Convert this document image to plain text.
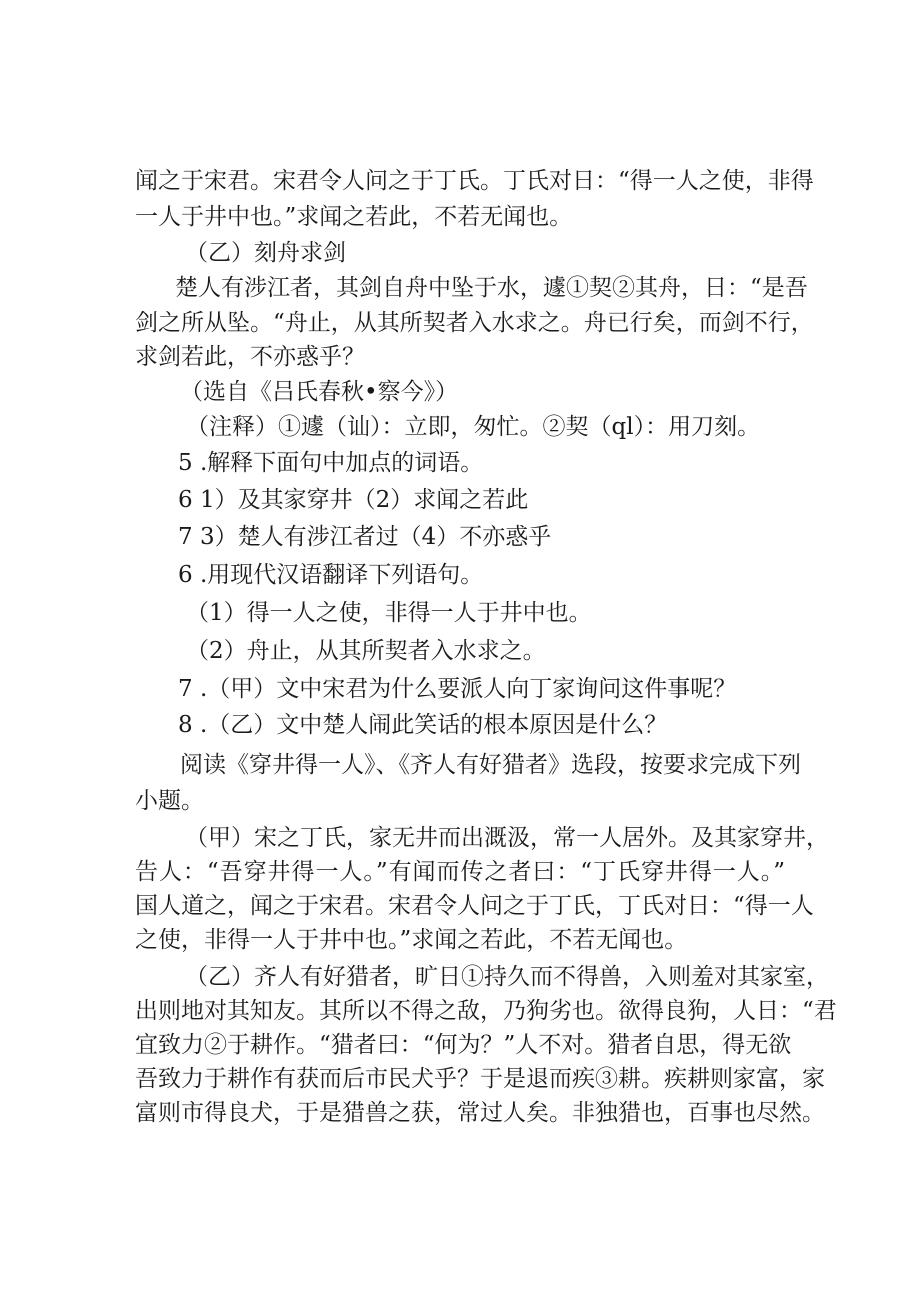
闻之于宋君。宋君令人问之于丁氏。丁氏对日：“得一人之使，非得
一人于井中也。”求闻之若此，不若无闻也。
（乙）刻舟求剑
楚人有涉江者，其剑自舟中坠于水，遽①契②其舟，日：“是吾
剑之所从坠。“舟止，从其所契者入水求之。舟已行矣，而剑不行，
求剑若此，不亦惑乎？
（选自《吕氏春秋•察今》）
（注释）①遽（讪）：立即，匆忙。②契（ql）：用刀刻。
5 .解释下面句中加点的词语。
6 1）及其家穿井（2）求闻之若此
7 3）楚人有涉江者过（4）不亦惑乎
6 .用现代汉语翻译下列语句。
（1）得一人之使，非得一人于井中也。
（2）舟止，从其所契者入水求之。
7 .（甲）文中宋君为什么要派人向丁家询问这件事呢？
8 .（乙）文中楚人闹此笑话的根本原因是什么？
阅读《穿井得一人》、《齐人有好猎者》选段，按要求完成下列
小题。
（甲）宋之丁氏，家无井而出溉汲，常一人居外。及其家穿井，
告人：“吾穿井得一人。”有闻而传之者曰：“丁氏穿井得一人。”
国人道之，闻之于宋君。宋君令人问之于丁氏，丁氏对日：“得一人
之使，非得一人于井中也。”求闻之若此，不若无闻也。
（乙）齐人有好猎者，旷日①持久而不得兽，入则羞对其家室，
出则地对其知友。其所以不得之敌，乃狗劣也。欲得良狗，人日：“君
宜致力②于耕作。“猎者曰：“何为？”人不对。猎者自思，得无欲
吾致力于耕作有获而后市民犬乎？于是退而疾③耕。疾耕则家富，家
富则市得良犬，于是猎兽之获，常过人矣。非独猎也，百事也尽然。
